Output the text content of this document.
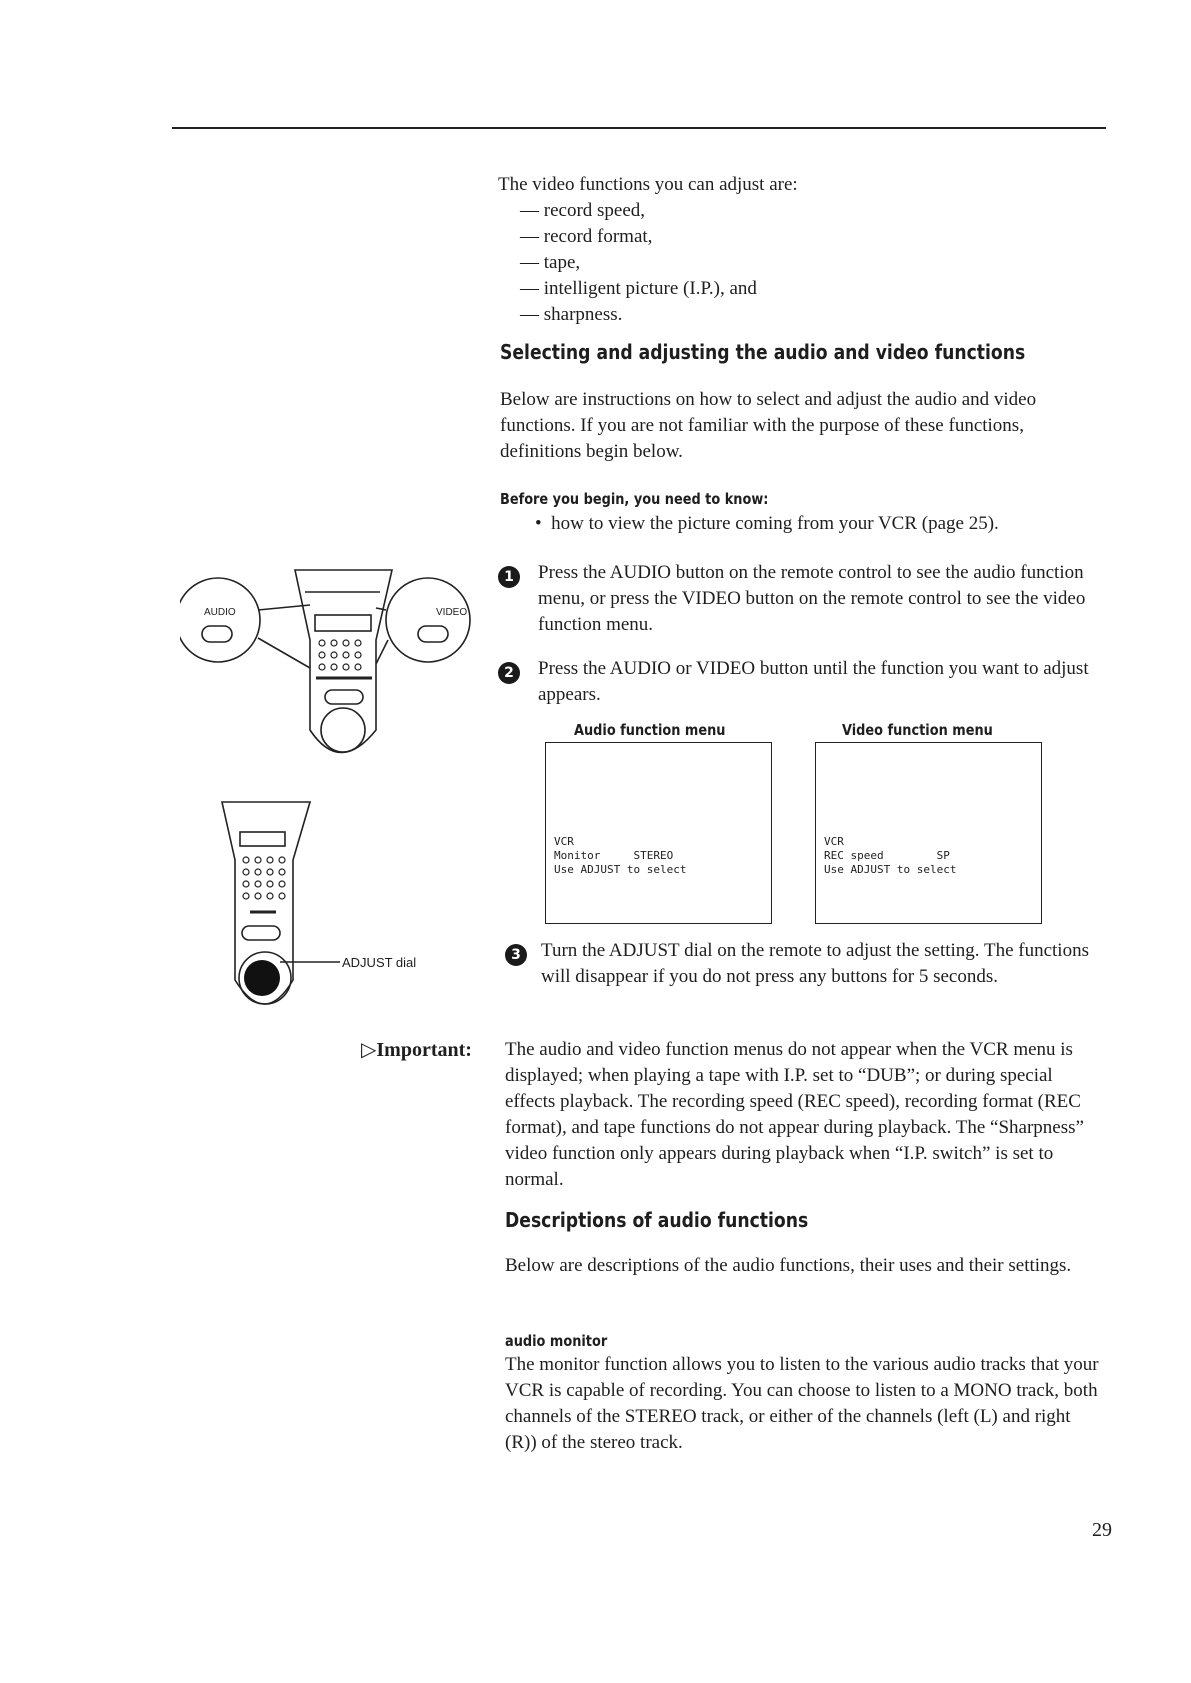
The video functions you can adjust are:
— record speed,
— record format,
— tape,
— intelligent picture (I.P.), and
— sharpness.
Selecting and adjusting the audio and video functions
Below are instructions on how to select and adjust the audio and video functions. If you are not familiar with the purpose of these functions, definitions begin below.
Before you begin, you need to know:
•  how to view the picture coming from your VCR (page 25).
1	Press the AUDIO button on the remote control to see the audio function menu, or press the VIDEO button on the remote control to see the video function menu.
2	Press the AUDIO or VIDEO button until the function you want to adjust appears.
Audio function menu
VCR
Monitor     STEREO
Use ADJUST to select
Video function menu
VCR
REC speed        SP
Use ADJUST to select
3	Turn the ADJUST dial on the remote to adjust the setting. The functions will disappear if you do not press any buttons for 5 seconds.
AUDIO	VIDEO
ADJUST dial
▷Important: The audio and video function menus do not appear when the VCR menu is displayed; when playing a tape with I.P. set to “DUB”; or during special effects playback. The recording speed (REC speed), recording format (REC format), and tape functions do not appear during playback. The “Sharpness” video function only appears during playback when “I.P. switch” is set to normal.
Descriptions of audio functions
Below are descriptions of the audio functions, their uses and their settings.
audio monitor
The monitor function allows you to listen to the various audio tracks that your VCR is capable of recording. You can choose to listen to a MONO track, both channels of the STEREO track, or either of the channels (left (L) and right (R)) of the stereo track.
29
